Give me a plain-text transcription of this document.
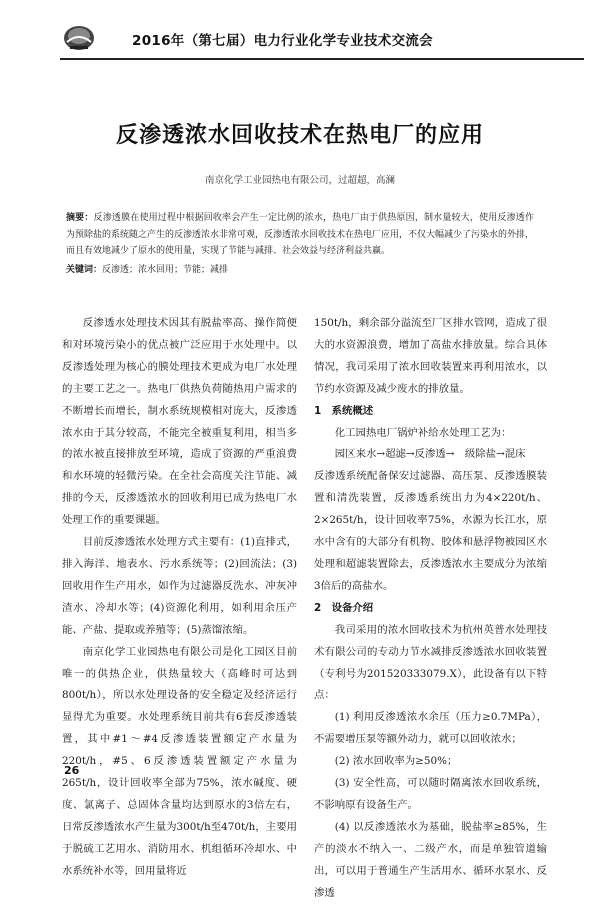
2016年（第七届）电力行业化学专业技术交流会
反渗透浓水回收技术在热电厂的应用
南京化学工业园热电有限公司，过超超，高澜
摘要：反渗透膜在使用过程中根据回收率会产生一定比例的浓水，热电厂由于供热原因，制水量较大，使用反渗透作为预除盐的系统随之产生的反渗透浓水非常可观，反渗透浓水回收技术在热电厂应用，不仅大幅减少了污染水的外排，而且有效地减少了原水的使用量，实现了节能与减排、社会效益与经济利益共赢。
关键词：反渗透；浓水回用；节能；减排

反渗透水处理技术因其有脱盐率高、操作简便和对环境污染小的优点被广泛应用于水处理中。以反渗透处理为核心的膜处理技术更成为电厂水处理的主要工艺之一。热电厂供热负荷随热用户需求的不断增长而增长，制水系统规模相对庞大，反渗透浓水由于其分较高，不能完全被重复利用，相当多的浓水被直接排放至环境，造成了资源的严重浪费和水环境的轻微污染。在全社会高度关注节能、减排的今天，反渗透浓水的回收利用已成为热电厂水处理工作的重要课题。

目前反渗透浓水处理方式主要有：(1)直排式，排入海洋、地表水、污水系统等；(2)回流法；(3)回收用作生产用水，如作为过滤器反洗水、冲灰冲渣水、冷却水等；(4)资源化利用，如利用余压产能、产盐、提取或养殖等；(5)蒸馏浓缩。

南京化学工业园热电有限公司是化工园区目前唯一的供热企业，供热量较大（高峰时可达到800t/h），所以水处理设备的安全稳定及经济运行显得尤为重要。水处理系统目前共有6套反渗透装置，其中#1～#4反渗透装置额定产水量为220t/h，#5、6反渗透装置额定产水量为265t/h，设计回收率全部为75%，浓水碱度、硬度、氯离子、总固体含量均达到原水的3倍左右，日常反渗透浓水产生量为300t/h至470t/h，主要用于脱硫工艺用水、消防用水、机组循环冷却水、中水系统补水等，回用量将近

150t/h，剩余部分溢流至厂区排水管网，造成了很大的水资源浪费，增加了高盐水排放量。综合具体情况，我司采用了浓水回收装置来再利用浓水，以节约水资源及减少废水的排放量。

1　系统概述

化工园热电厂锅炉补给水处理工艺为：

园区来水→超滤→反渗透→　级除盐→混床

反渗透系统配备保安过滤器、高压泵、反渗透膜装置和清洗装置，反渗透系统出力为4×220t/h、2×265t/h，设计回收率75%，水源为长江水，原水中含有的大部分有机物、胶体和悬浮物被园区水处理和超滤装置除去，反渗透浓水主要成分为浓缩3倍后的高盐水。

2　设备介绍

我司采用的浓水回收技术为杭州英普水处理技术有限公司的专动力节水减排反渗透浓水回收装置（专利号为201520333079.X），此设备有以下特点：

(1) 利用反渗透浓水余压（压力≥0.7MPa），不需要增压泵等额外动力，就可以回收浓水；

(2) 浓水回收率为≥50%；

(3) 安全性高，可以随时隔离浓水回收系统，不影响原有设备生产。

(4) 以反渗透浓水为基础，脱盐率≥85%，生产的淡水不纳入一、二级产水，而是单独管道输出，可以用于普通生产生活用水、循环水泵水、反渗透

26
